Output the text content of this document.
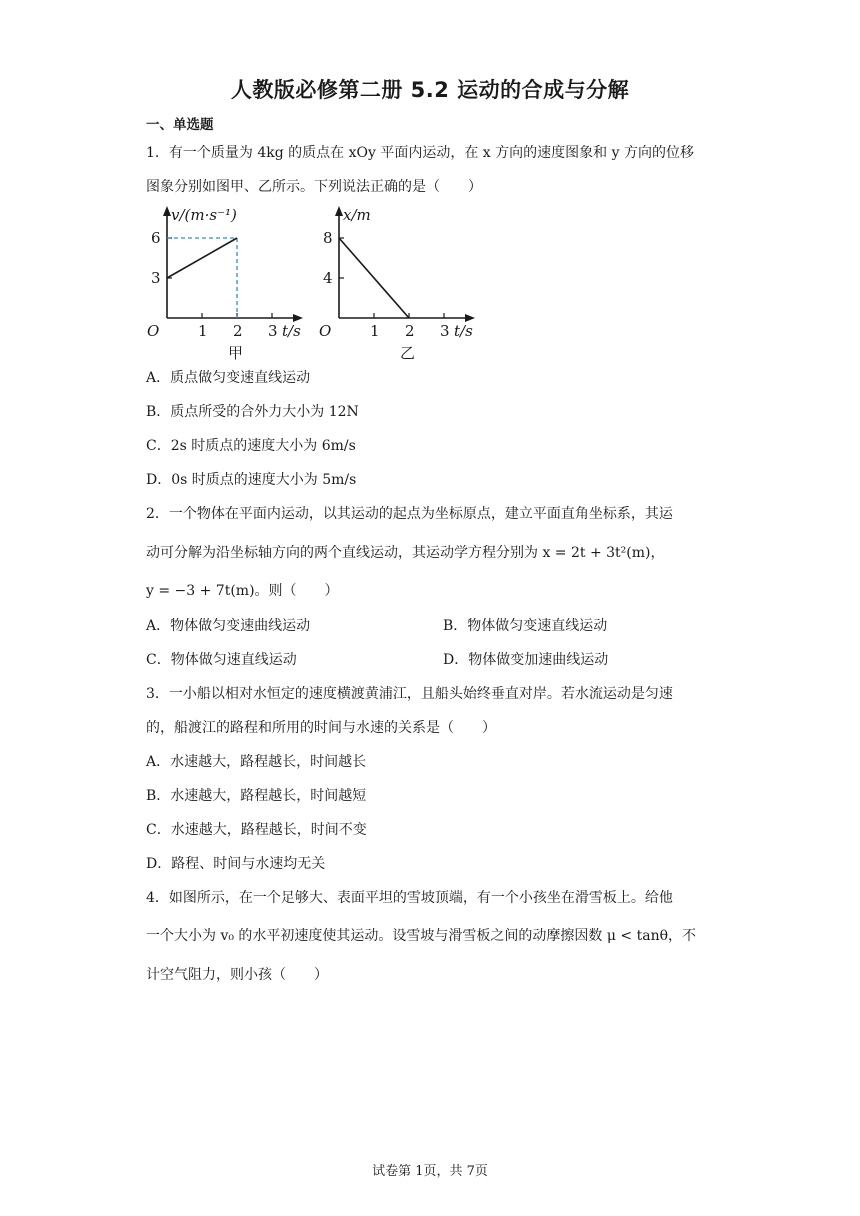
人教版必修第二册 5.2 运动的合成与分解
一、单选题
1．有一个质量为 4kg 的质点在 xOy 平面内运动，在 x 方向的速度图象和 y 方向的位移
图象分别如图甲、乙所示。下列说法正确的是（　　）
1 2 3
3
6
O
v/(m·s⁻¹)
t/s
甲
1 2 3
4
8
O
x/m
t/s
乙
A．质点做匀变速直线运动
B．质点所受的合外力大小为 12N
C．2s 时质点的速度大小为 6m/s
D．0s 时质点的速度大小为 5m/s
2．一个物体在平面内运动，以其运动的起点为坐标原点，建立平面直角坐标系，其运
动可分解为沿坐标轴方向的两个直线运动，其运动学方程分别为 x = 2t + 3t²(m)，
y = −3 + 7t(m)。则（　　）
A．物体做匀变速曲线运动	B．物体做匀变速直线运动
C．物体做匀速直线运动	D．物体做变加速曲线运动
3．一小船以相对水恒定的速度横渡黄浦江，且船头始终垂直对岸。若水流运动是匀速
的，船渡江的路程和所用的时间与水速的关系是（　　）
A．水速越大，路程越长，时间越长
B．水速越大，路程越长，时间越短
C．水速越大，路程越长，时间不变
D．路程、时间与水速均无关
4．如图所示，在一个足够大、表面平坦的雪坡顶端，有一个小孩坐在滑雪板上。给他
一个大小为 v₀ 的水平初速度使其运动。设雪坡与滑雪板之间的动摩擦因数 μ < tanθ，不
计空气阻力，则小孩（　　）
试卷第 1页，共 7页
